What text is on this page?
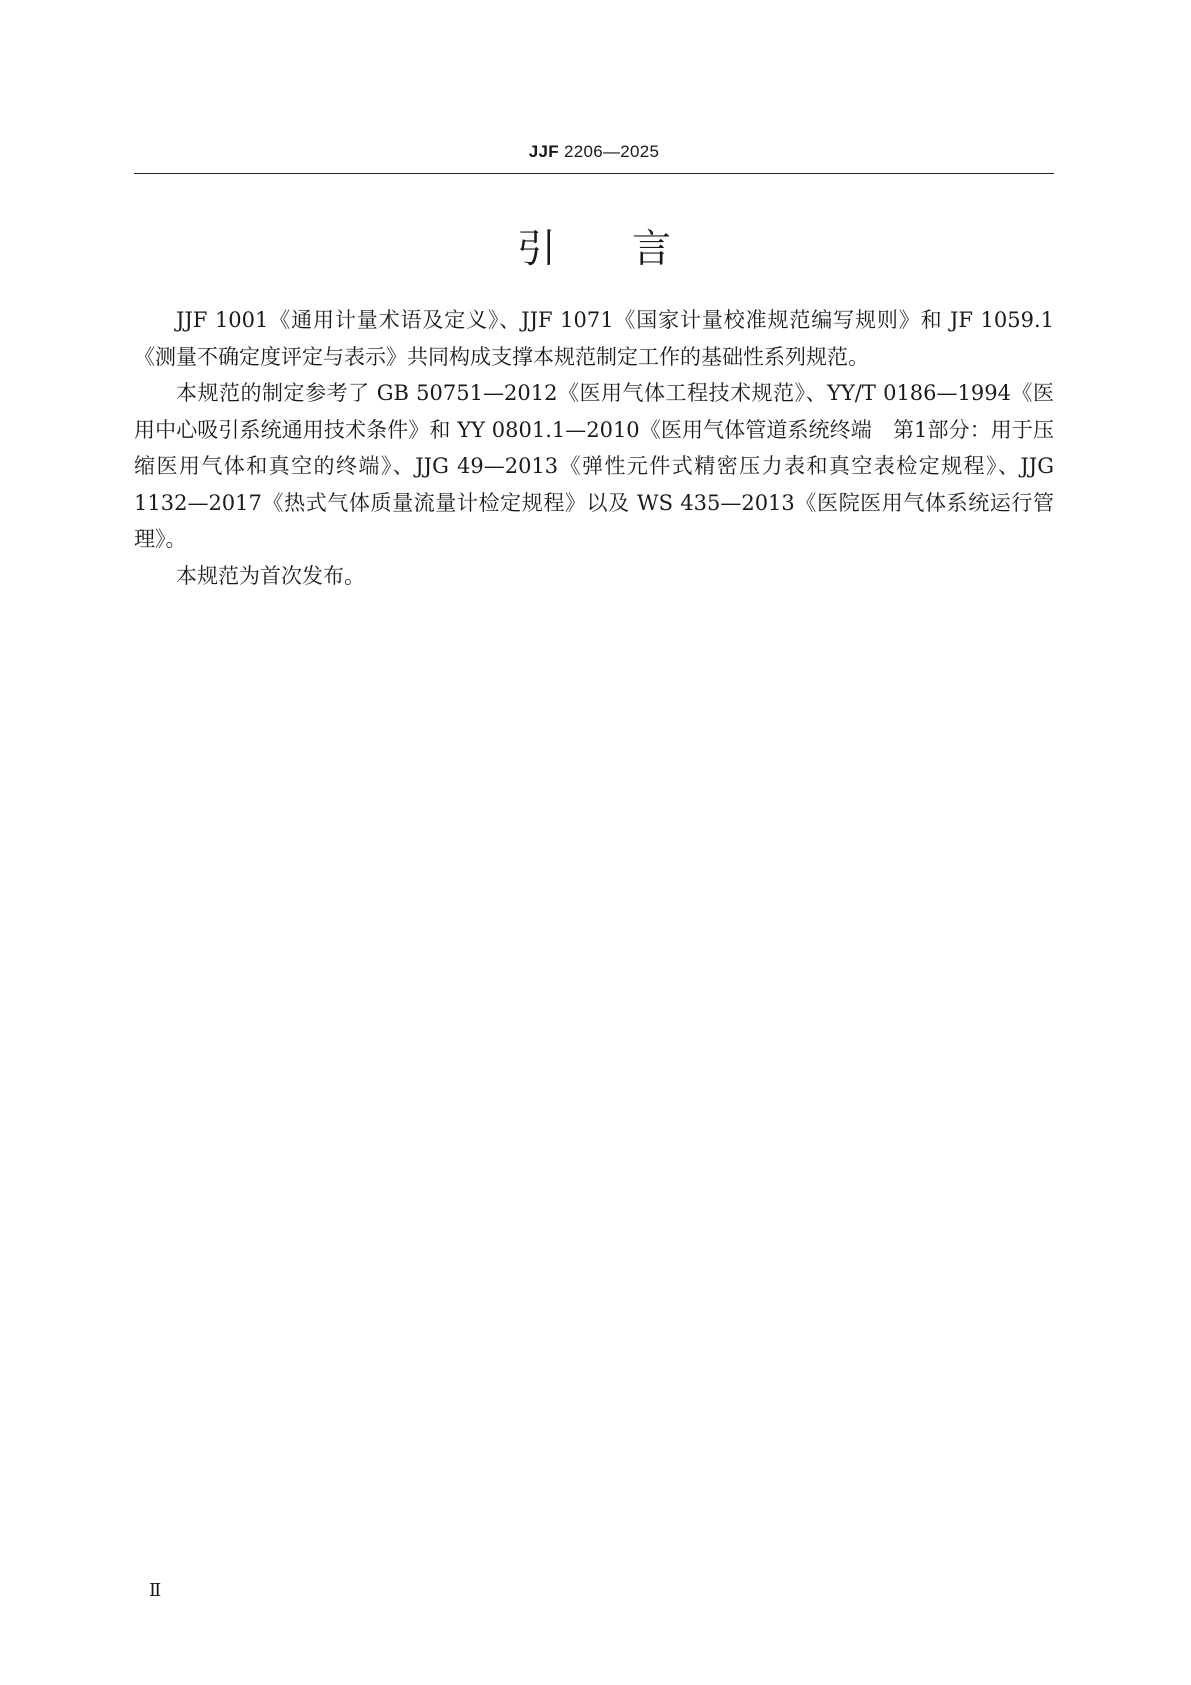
JJF 2206—2025
引 言

JJF 1001《通用计量术语及定义》、JJF 1071《国家计量校准规范编写规则》和 JF 1059.1《测量不确定度评定与表示》共同构成支撑本规范制定工作的基础性系列规范。

本规范的制定参考了 GB 50751—2012《医用气体工程技术规范》、YY/T 0186—1994《医用中心吸引系统通用技术条件》和 YY 0801.1—2010《医用气体管道系统终端　第1部分：用于压缩医用气体和真空的终端》、JJG 49—2013《弹性元件式精密压力表和真空表检定规程》、JJG 1132—2017《热式气体质量流量计检定规程》以及 WS 435—2013《医院医用气体系统运行管理》。

本规范为首次发布。

Ⅱ
